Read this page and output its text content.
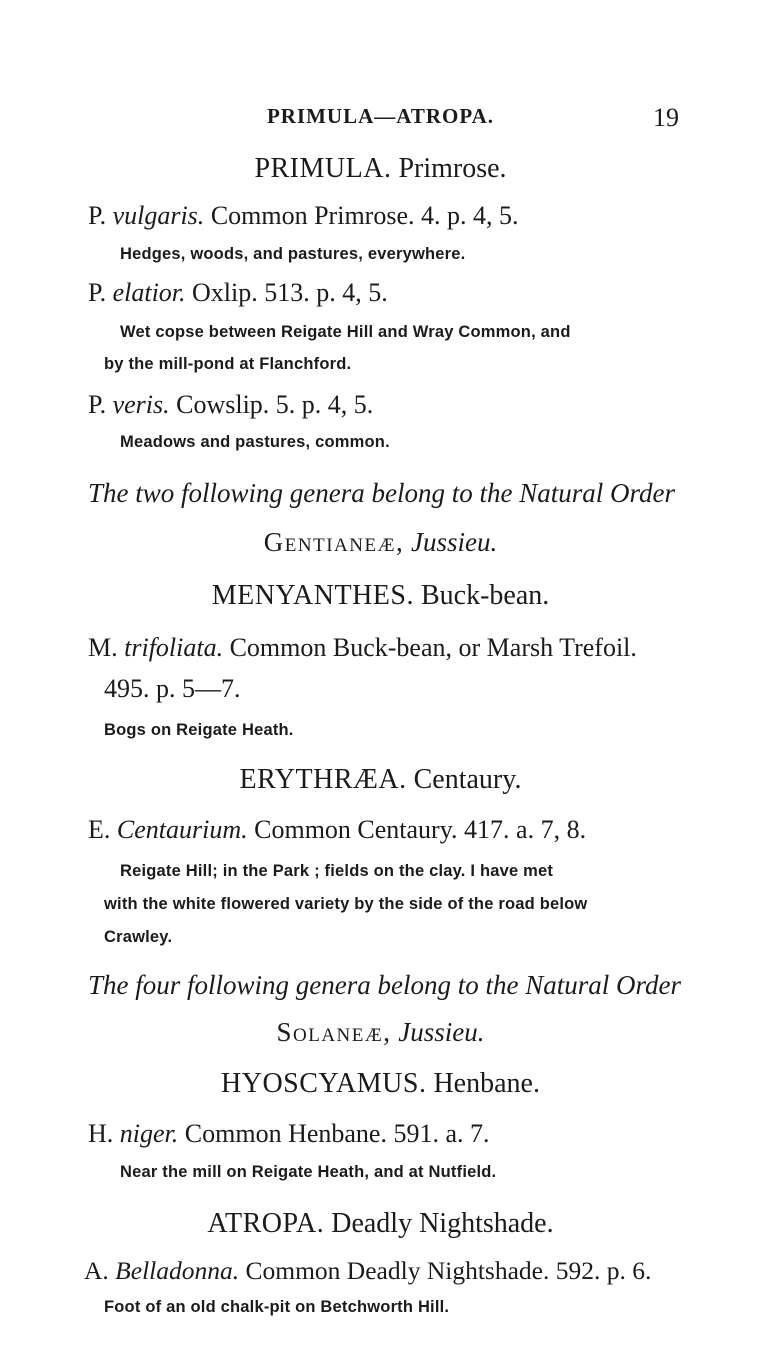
PRIMULA—ATROPA.	19
PRIMULA. Primrose.
P. vulgaris. Common Primrose. 4. p. 4, 5.
Hedges, woods, and pastures, everywhere.
P. elatior. Oxlip. 513. p. 4, 5.
Wet copse between Reigate Hill and Wray Common, and
by the mill-pond at Flanchford.
P. veris. Cowslip. 5. p. 4, 5.
Meadows and pastures, common.
The two following genera belong to the Natural Order
Gentianeæ, Jussieu.
MENYANTHES. Buck-bean.
M. trifoliata. Common Buck-bean, or Marsh Trefoil.
495. p. 5—7.
Bogs on Reigate Heath.
ERYTHRÆA. Centaury.
E. Centaurium. Common Centaury. 417. a. 7, 8.
Reigate Hill; in the Park ; fields on the clay. I have met
with the white flowered variety by the side of the road below
Crawley.
The four following genera belong to the Natural Order
Solaneæ, Jussieu.
HYOSCYAMUS. Henbane.
H. niger. Common Henbane. 591. a. 7.
Near the mill on Reigate Heath, and at Nutfield.
ATROPA. Deadly Nightshade.
A. Belladonna. Common Deadly Nightshade. 592. p. 6.
Foot of an old chalk-pit on Betchworth Hill.
